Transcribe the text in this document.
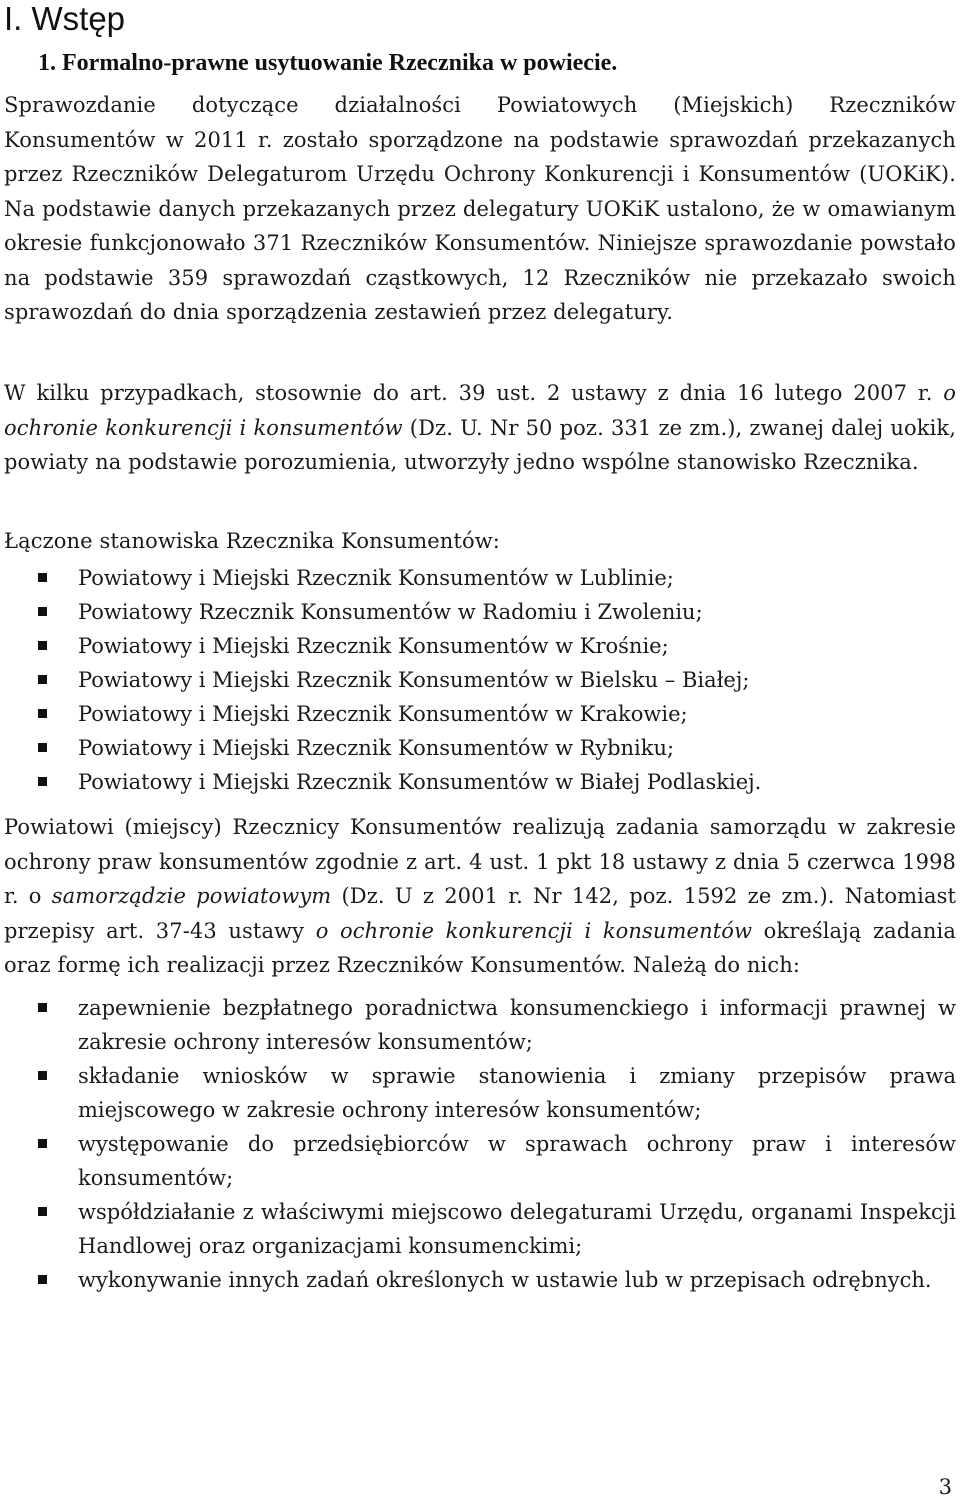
I. Wstęp
1. Formalno-prawne usytuowanie Rzecznika w powiecie.
Sprawozdanie dotyczące działalności Powiatowych (Miejskich) Rzeczników Konsumentów w 2011 r. zostało sporządzone na podstawie sprawozdań przekazanych przez Rzeczników Delegaturom Urzędu Ochrony Konkurencji i Konsumentów (UOKiK). Na podstawie danych przekazanych przez delegatury UOKiK ustalono, że w omawianym okresie funkcjonowało 371 Rzeczników Konsumentów. Niniejsze sprawozdanie powstało na podstawie 359 sprawozdań cząstkowych, 12 Rzeczników nie przekazało swoich sprawozdań do dnia sporządzenia zestawień przez delegatury.
W kilku przypadkach, stosownie do art. 39 ust. 2 ustawy z dnia 16 lutego 2007 r. o ochronie konkurencji i konsumentów (Dz. U. Nr 50 poz. 331 ze zm.), zwanej dalej uokik, powiaty na podstawie porozumienia, utworzyły jedno wspólne stanowisko Rzecznika.
Łączone stanowiska Rzecznika Konsumentów:
Powiatowy i Miejski Rzecznik Konsumentów w Lublinie;
Powiatowy Rzecznik Konsumentów w Radomiu i Zwoleniu;
Powiatowy i Miejski Rzecznik Konsumentów w Krośnie;
Powiatowy i Miejski Rzecznik Konsumentów w Bielsku – Białej;
Powiatowy i Miejski Rzecznik Konsumentów w Krakowie;
Powiatowy i Miejski Rzecznik Konsumentów w Rybniku;
Powiatowy i Miejski Rzecznik Konsumentów w Białej Podlaskiej.
Powiatowi (miejscy) Rzecznicy Konsumentów realizują zadania samorządu w zakresie ochrony praw konsumentów zgodnie z art. 4 ust. 1 pkt 18 ustawy z dnia 5 czerwca 1998 r. o samorządzie powiatowym (Dz. U z 2001 r. Nr 142, poz. 1592 ze zm.). Natomiast przepisy art. 37-43 ustawy o ochronie konkurencji i konsumentów określają zadania oraz formę ich realizacji przez Rzeczników Konsumentów. Należą do nich:
zapewnienie bezpłatnego poradnictwa konsumenckiego i informacji prawnej w zakresie ochrony interesów konsumentów;
składanie wniosków w sprawie stanowienia i zmiany przepisów prawa miejscowego w zakresie ochrony interesów konsumentów;
występowanie do przedsiębiorców w sprawach ochrony praw i interesów konsumentów;
współdziałanie z właściwymi miejscowo delegaturami Urzędu, organami Inspekcji Handlowej oraz organizacjami konsumenckimi;
wykonywanie innych zadań określonych w ustawie lub w przepisach odrębnych.
3
